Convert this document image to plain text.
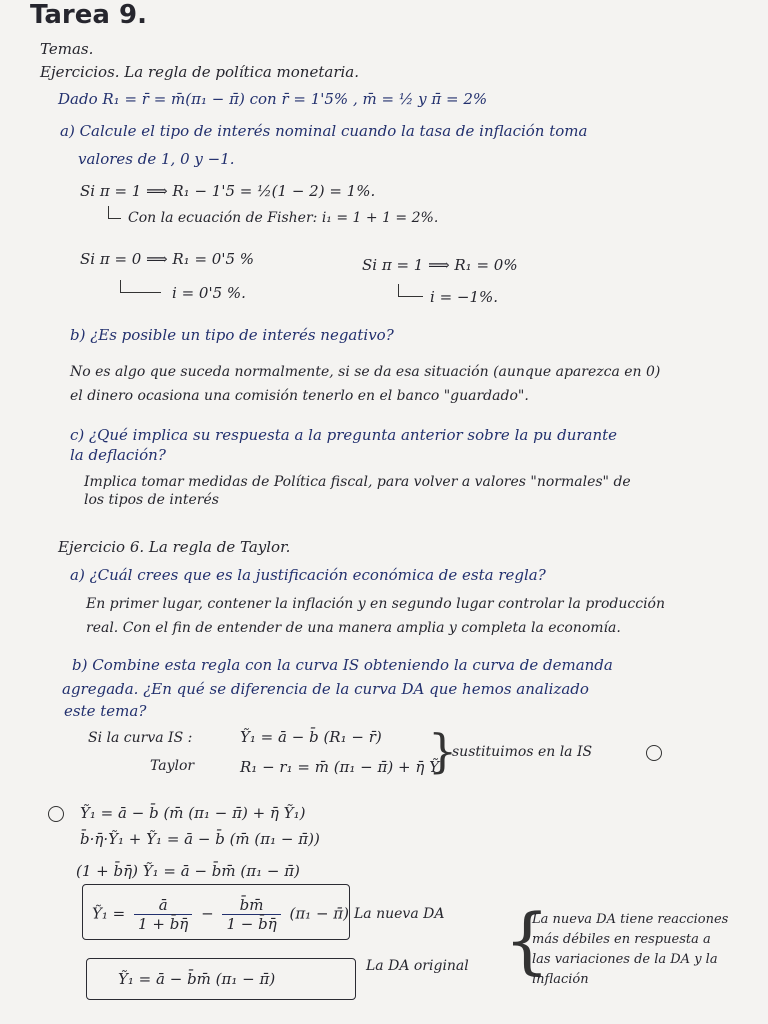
Tarea 9.
Temas.
Ejercicios. La regla de política monetaria.
Dado R₁ = r̄ = m̄(π₁ − π̄) con r̄ = 1'5% , m̄ = ½ y π̄ = 2%
a) Calcule el tipo de interés nominal cuando la tasa de inflación toma
valores de 1, 0 y −1.
Si π = 1 ⟹ R₁ − 1'5 = ½(1 − 2) = 1%.
Con la ecuación de Fisher: i₁ = 1 + 1 = 2%.
Si π = 0 ⟹ R₁ = 0'5 %	Si π = 1 ⟹ R₁ = 0%
i = 0'5 %.	i = −1%.
b) ¿Es posible un tipo de interés negativo?
No es algo que suceda normalmente, si se da esa situación (aunque aparezca en 0)
el dinero ocasiona una comisión tenerlo en el banco "guardado".
c) ¿Qué implica su respuesta a la pregunta anterior sobre la pu durante
la deflación?
Implica tomar medidas de Política fiscal, para volver a valores "normales" de
los tipos de interés
Ejercicio 6. La regla de Taylor.
a) ¿Cuál crees que es la justificación económica de esta regla?
En primer lugar, contener la inflación y en segundo lugar controlar la producción
real. Con el fin de entender de una manera amplia y completa la economía.
b) Combine esta regla con la curva IS obteniendo la curva de demanda
agregada. ¿En qué se diferencia de la curva DA que hemos analizado
este tema?
Si la curva IS :	Ỹ₁ = ā − b̄ (R₁ − r̄)
Taylor	R₁ − r₁ = m̄ (π₁ − π̄) + η̄ Ỹ₁
}
sustituimos en la IS
Ỹ₁ = ā − b̄ (m̄ (π₁ − π̄) + η̄ Ỹ₁)
b̄·η̄·Ỹ₁ + Ỹ₁ = ā − b̄ (m̄ (π₁ − π̄))
(1 + b̄η̄) Ỹ₁ = ā − b̄m̄ (π₁ − π̄)
Ỹ₁ = $\frac{ā}{1 + b̄\etā} - \frac{b̄m̄}{1 - b̄\etā} (\pi_1$ − π̄) La nueva DA
Ỹ₁ = ā − b̄m̄ (π₁ − π̄)
La DA original {
La nueva DA tiene reacciones
más débiles en respuesta a
las variaciones de la DA y la
inflación
